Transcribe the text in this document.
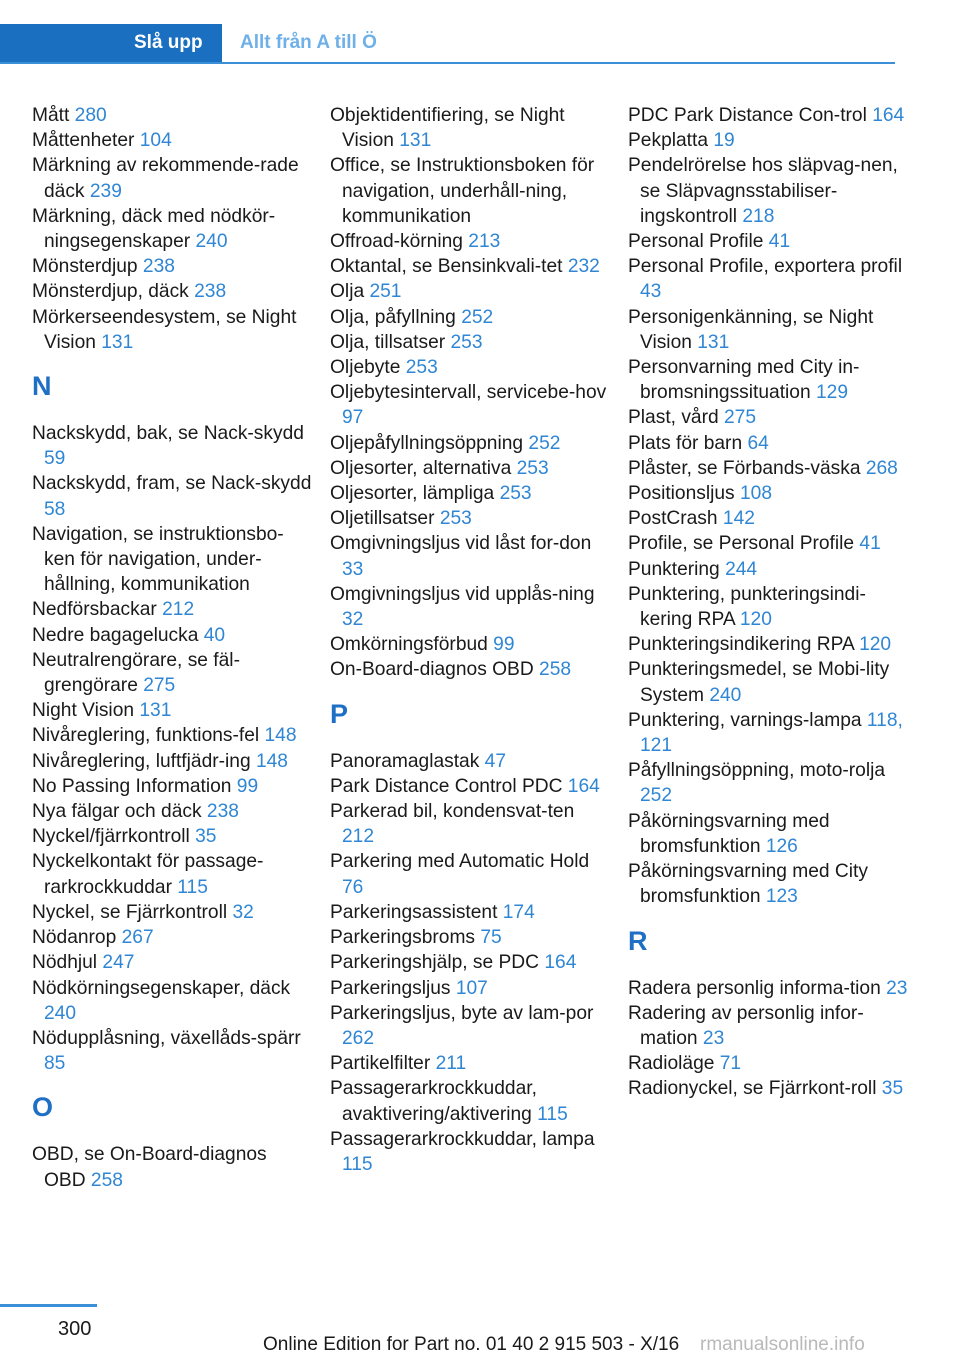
Slå upp Allt från A till Ö

Mått 280

Måttenheter 104

Märkning av rekommende‐rade däck 239

Märkning, däck med nödkör‐ningsegenskaper 240

Mönsterdjup 238

Mönsterdjup, däck 238

Mörkerseendesystem, se Night Vision 131

N

Nackskydd, bak, se Nack‐skydd 59

Nackskydd, fram, se Nack‐skydd 58

Navigation, se instruktionsbo‐ken för navigation, under‐hållning, kommunikation

Nedförsbackar 212

Nedre bagagelucka 40

Neutralrengörare, se fäl‐grengörare 275

Night Vision 131

Nivåreglering, funktions‐fel 148

Nivåreglering, luftfjädr‐ing 148

No Passing Information 99

Nya fälgar och däck 238

Nyckel/fjärrkontroll 35

Nyckelkontakt för passage‐rarkrockkuddar 115

Nyckel, se Fjärrkontroll 32

Nödanrop 267

Nödhjul 247

Nödkörningsegenskaper, däck 240

Nödupplåsning, växellåds‐spärr 85

O

OBD, se On-Board-diagnos OBD 258

Objektidentifiering, se Night Vision 131

Office, se Instruktionsboken för navigation, underhåll‐ning, kommunikation

Offroad-körning 213

Oktantal, se Bensinkvali‐tet 232

Olja 251

Olja, påfyllning 252

Olja, tillsatser 253

Oljebyte 253

Oljebytesintervall, servicebe‐hov 97

Oljepåfyllningsöppning 252

Oljesorter, alternativa 253

Oljesorter, lämpliga 253

Oljetillsatser 253

Omgivningsljus vid låst for‐don 33

Omgivningsljus vid upplås‐ning 32

Omkörningsförbud 99

On-Board-diagnos OBD 258

P

Panoramaglastak 47

Park Distance Control PDC 164

Parkerad bil, kondensvat‐ten 212

Parkering med Automatic Hold 76

Parkeringsassistent 174

Parkeringsbroms 75

Parkeringshjälp, se PDC 164

Parkeringsljus 107

Parkeringsljus, byte av lam‐por 262

Partikelfilter 211

Passagerarkrockkuddar, avaktivering/aktivering 115

Passagerarkrockkuddar, lampa 115

PDC Park Distance Con‐trol 164

Pekplatta 19

Pendelrörelse hos släpvag‐nen, se Släpvagnsstabiliser‐ingskontroll 218

Personal Profile 41

Personal Profile, exportera profil 43

Personigenkänning, se Night Vision 131

Personvarning med City in‐bromsningssituation 129

Plast, vård 275

Plats för barn 64

Plåster, se Förbands‐väska 268

Positionsljus 108

PostCrash 142

Profile, se Personal Profile 41

Punktering 244

Punktering, punkteringsindi‐kering RPA 120

Punkteringsindikering RPA 120

Punkteringsmedel, se Mobi‐lity System 240

Punktering, varnings‐lampa 118, 121

Påfyllningsöppning, moto‐rolja 252

Påkörningsvarning med bromsfunktion 126

Påkörningsvarning med City bromsfunktion 123

R

Radera personlig informa‐tion 23

Radering av personlig infor‐mation 23

Radioläge 71

Radionyckel, se Fjärrkont‐roll 35

300
Online Edition for Part no. 01 40 2 915 503 - X/16 rmanualsonline.info
